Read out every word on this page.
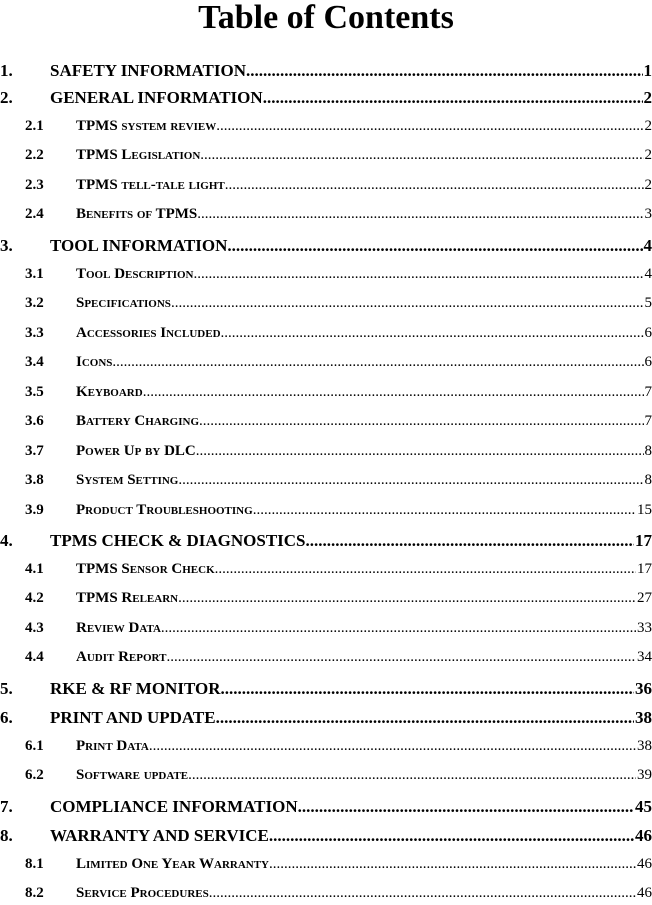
Table of Contents
1. SAFETY INFORMATION .....	1
2. GENERAL INFORMATION .....	2
2.1 TPMS system review .....	2
2.2 TPMS Legislation .....	2
2.3 TPMS tell-tale light .....	2
2.4 Benefits of TPMS .....	3
3. TOOL INFORMATION .....	4
3.1 Tool Description .....	4
3.2 Specifications .....	5
3.3 Accessories Included .....	6
3.4 Icons .....	6
3.5 Keyboard .....	7
3.6 Battery Charging .....	7
3.7 Power Up by DLC .....	8
3.8 System Setting .....	8
3.9 Product Troubleshooting .....	15
4. TPMS CHECK & DIAGNOSTICS .....	17
4.1 TPMS Sensor Check .....	17
4.2 TPMS Relearn .....	27
4.3 Review Data .....	33
4.4 Audit Report .....	34
5. RKE & RF MONITOR .....	36
6. PRINT AND UPDATE .....	38
6.1 Print Data .....	38
6.2 Software update .....	39
7. COMPLIANCE INFORMATION .....	45
8. WARRANTY AND SERVICE .....	46
8.1 Limited One Year Warranty .....	46
8.2 Service Procedures .....	46
